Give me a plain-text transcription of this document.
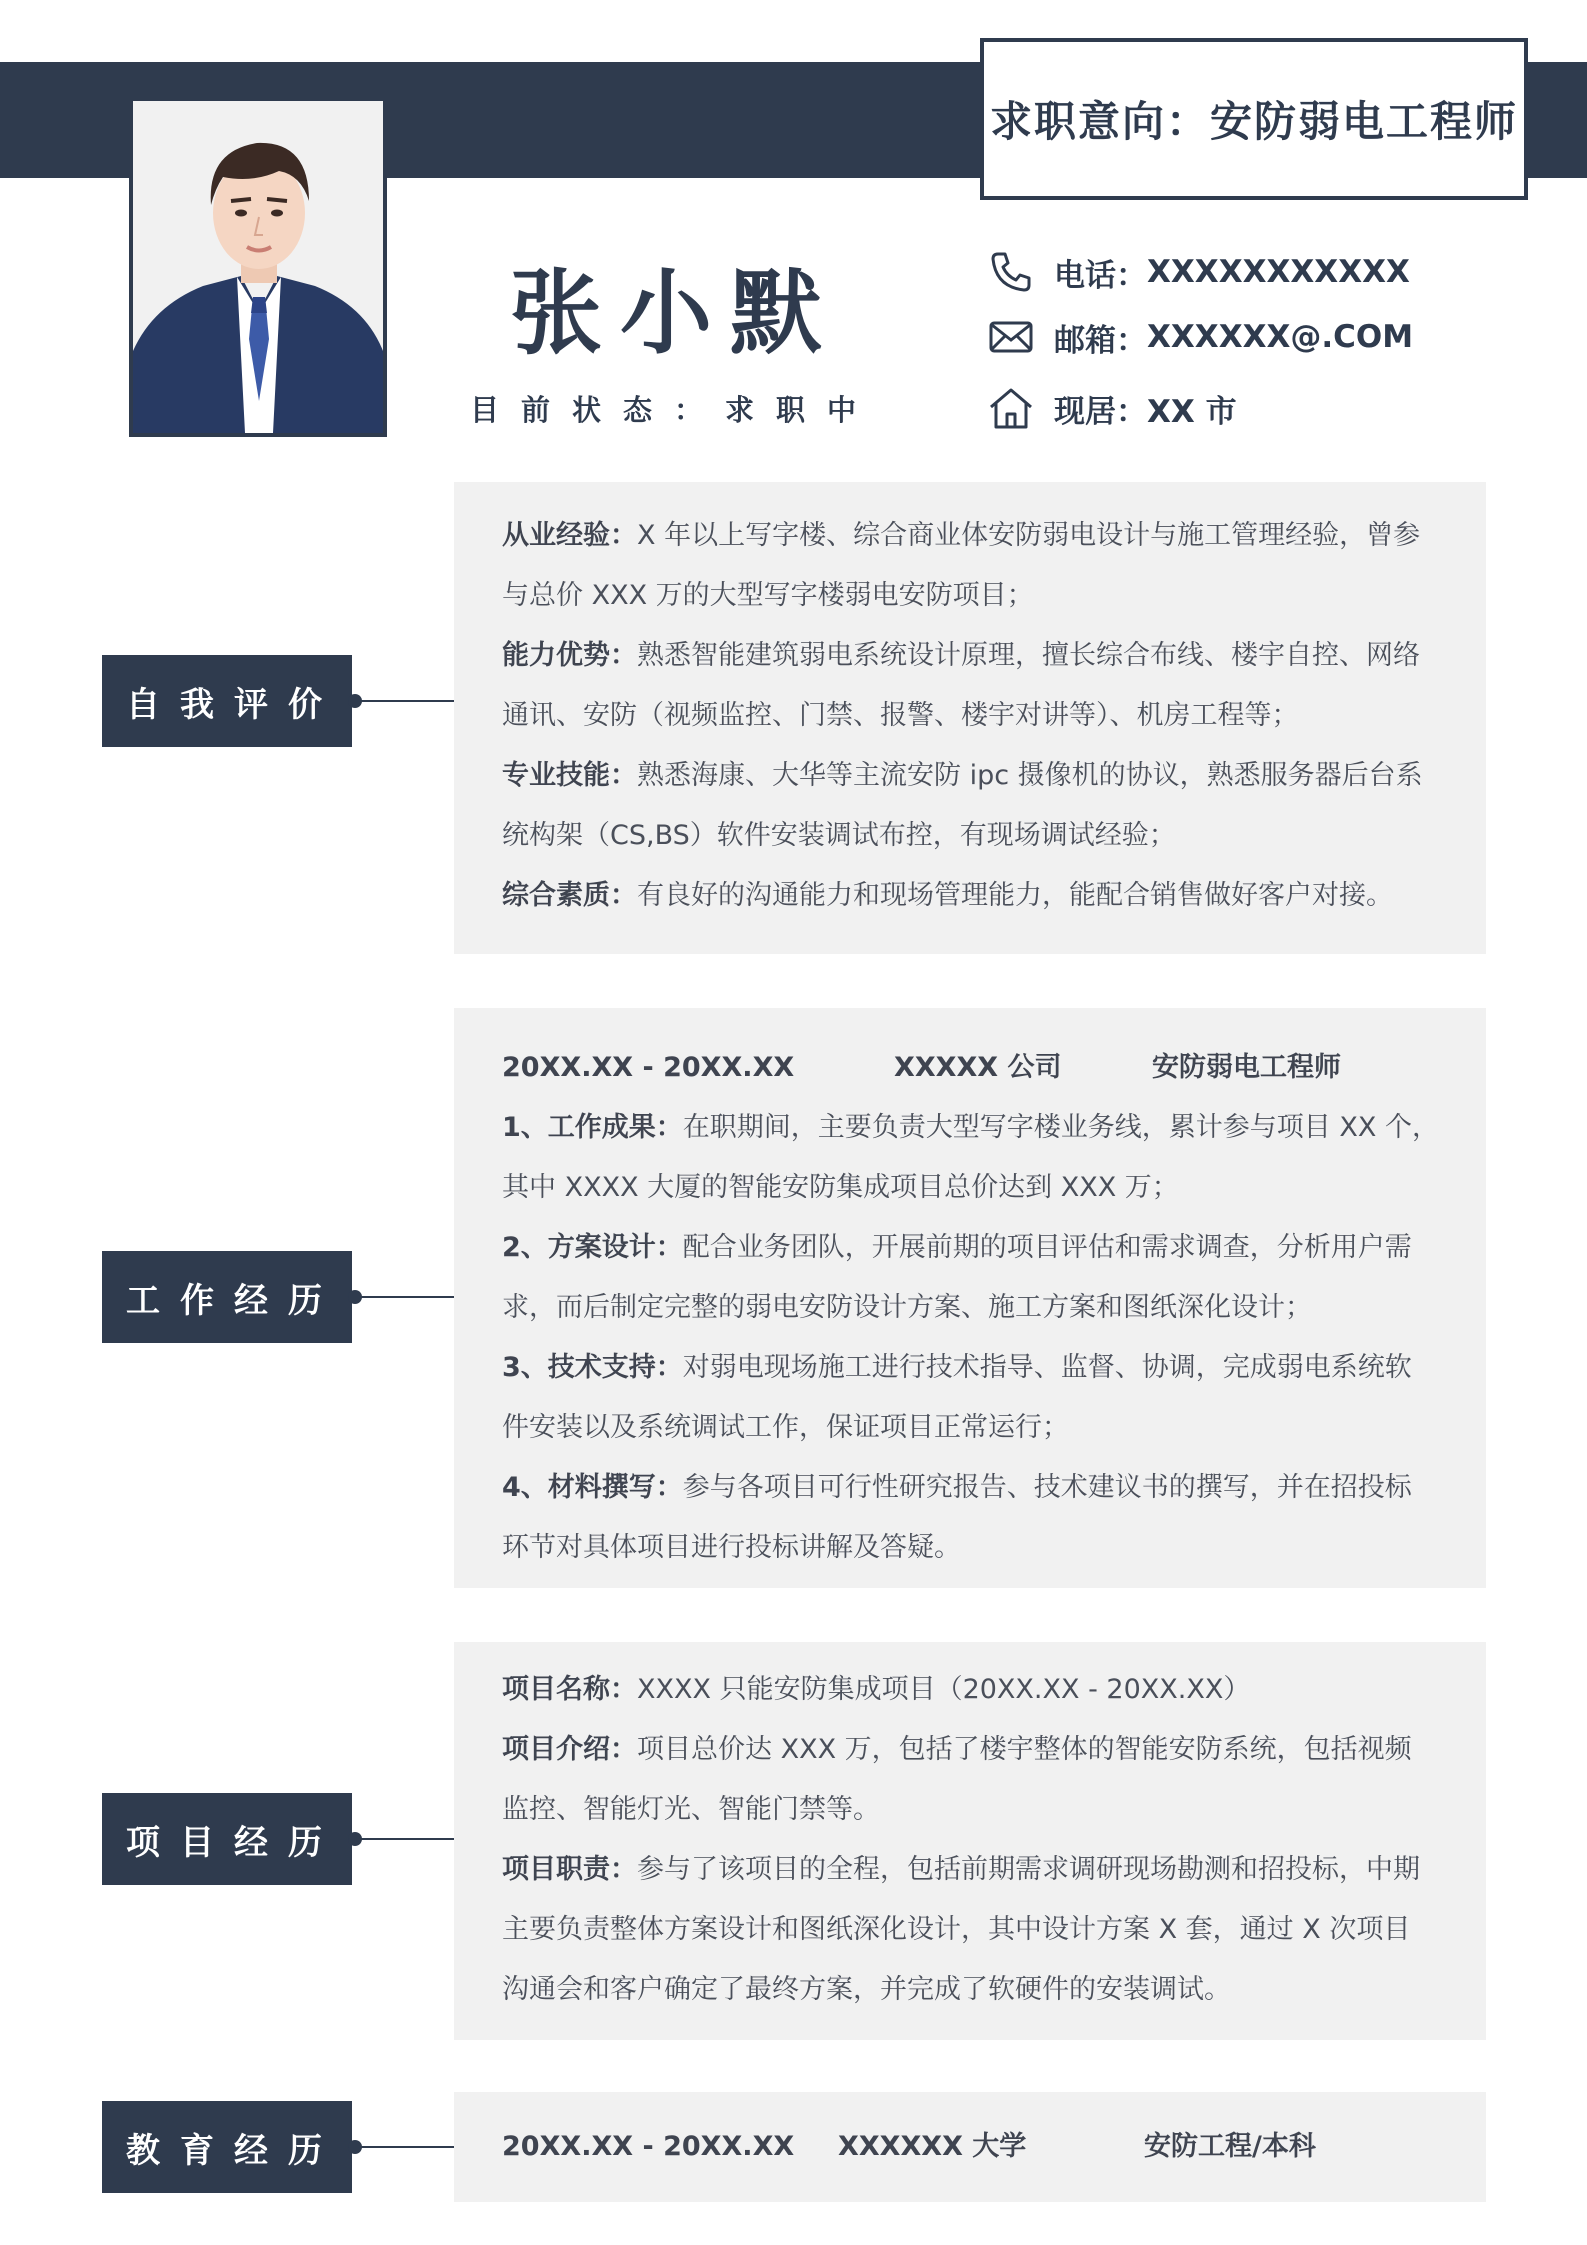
求职意向：安防弱电工程师
张小默
目前状态：求职中
电话： XXXXXXXXXXX
邮箱： XXXXXX@.COM
现居： XX 市
自我评价
从业经验：X 年以上写字楼、综合商业体安防弱电设计与施工管理经验，曾参
与总价 XXX 万的大型写字楼弱电安防项目；
能力优势：熟悉智能建筑弱电系统设计原理，擅长综合布线、楼宇自控、网络
通讯、安防（视频监控、门禁、报警、楼宇对讲等）、机房工程等；
专业技能：熟悉海康、大华等主流安防 ipc 摄像机的协议，熟悉服务器后台系
统构架（CS,BS）软件安装调试布控，有现场调试经验；
综合素质：有良好的沟通能力和现场管理能力，能配合销售做好客户对接。
工作经历
20XX.XX - 20XX.XX	XXXXX 公司	安防弱电工程师
1、工作成果：在职期间，主要负责大型写字楼业务线，累计参与项目 XX 个，
其中 XXXX 大厦的智能安防集成项目总价达到 XXX 万；
2、方案设计：配合业务团队，开展前期的项目评估和需求调查，分析用户需
求，而后制定完整的弱电安防设计方案、施工方案和图纸深化设计；
3、技术支持：对弱电现场施工进行技术指导、监督、协调，完成弱电系统软
件安装以及系统调试工作，保证项目正常运行；
4、材料撰写：参与各项目可行性研究报告、技术建议书的撰写，并在招投标
环节对具体项目进行投标讲解及答疑。
项目经历
项目名称：XXXX 只能安防集成项目（20XX.XX - 20XX.XX）
项目介绍：项目总价达 XXX 万，包括了楼宇整体的智能安防系统，包括视频
监控、智能灯光、智能门禁等。
项目职责：参与了该项目的全程，包括前期需求调研现场勘测和招投标，中期
主要负责整体方案设计和图纸深化设计，其中设计方案 X 套，通过 X 次项目
沟通会和客户确定了最终方案，并完成了软硬件的安装调试。
教育经历	20XX.XX - 20XX.XX	XXXXXX 大学	安防工程/本科
